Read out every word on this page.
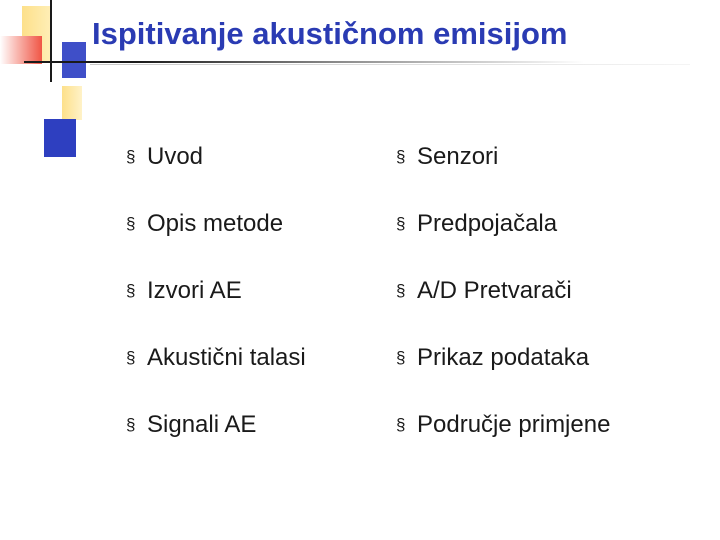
Ispitivanje akustičnom emisijom
§ Uvod
§ Opis metode
§ Izvori AE
§ Akustični talasi
§ Signali AE
§ Senzori
§ Predpojačala
§ A/D Pretvarači
§ Prikaz podataka
§ Područje primjene
